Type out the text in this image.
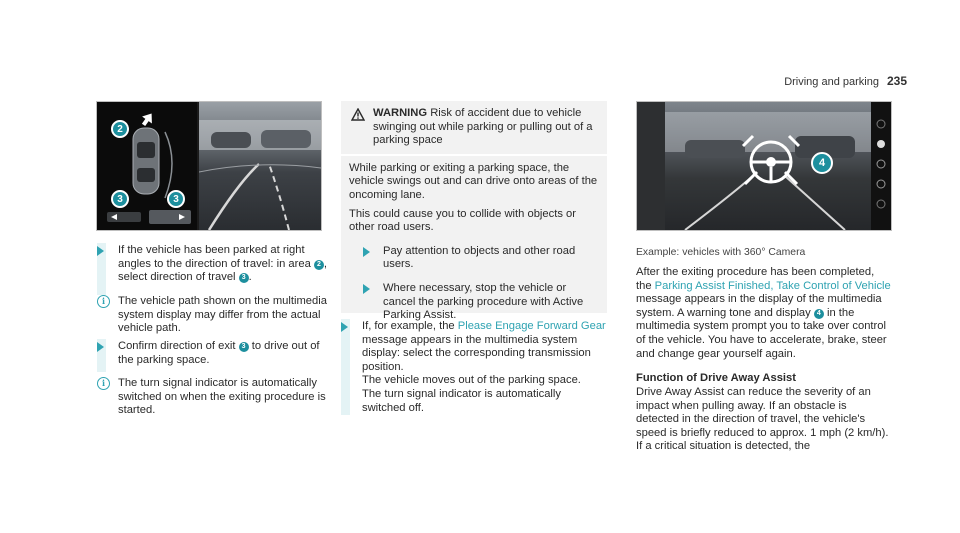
Driving and parking 235
2
3	3
If the vehicle has been parked at right angles to the direction of travel: in area 2 , select direction of travel 3 .
i	The vehicle path shown on the multimedia system display may differ from the actual vehicle path.
Confirm direction of exit 3 to drive out of the parking space.
i	The turn signal indicator is automatically switched on when the exiting procedure is started.
WARNING Risk of accident due to vehicle swinging out while parking or pulling out of a parking space

While parking or exiting a parking space, the vehicle swings out and can drive onto areas of the oncoming lane.

This could cause you to collide with objects or other road users.

Pay attention to objects and other road users.
Where necessary, stop the vehicle or cancel the parking procedure with Active Parking Assist.
If, for example, the Please Engage Forward Gear message appears in the multimedia system display: select the corresponding transmission position.
The vehicle moves out of the parking space.
The turn signal indicator is automatically switched off.
4
Example: vehicles with 360° Camera
After the exiting procedure has been completed, the Parking Assist Finished, Take Control of Vehicle message appears in the display of the multimedia system. A warning tone and display 4 in the multimedia system prompt you to take over control of the vehicle. You have to accelerate, brake, steer and change gear yourself again.
Function of Drive Away Assist
Drive Away Assist can reduce the severity of an impact when pulling away. If an obstacle is detected in the direction of travel, the vehicle's speed is briefly reduced to approx. 1 mph (2 km/h). If a critical situation is detected, the
